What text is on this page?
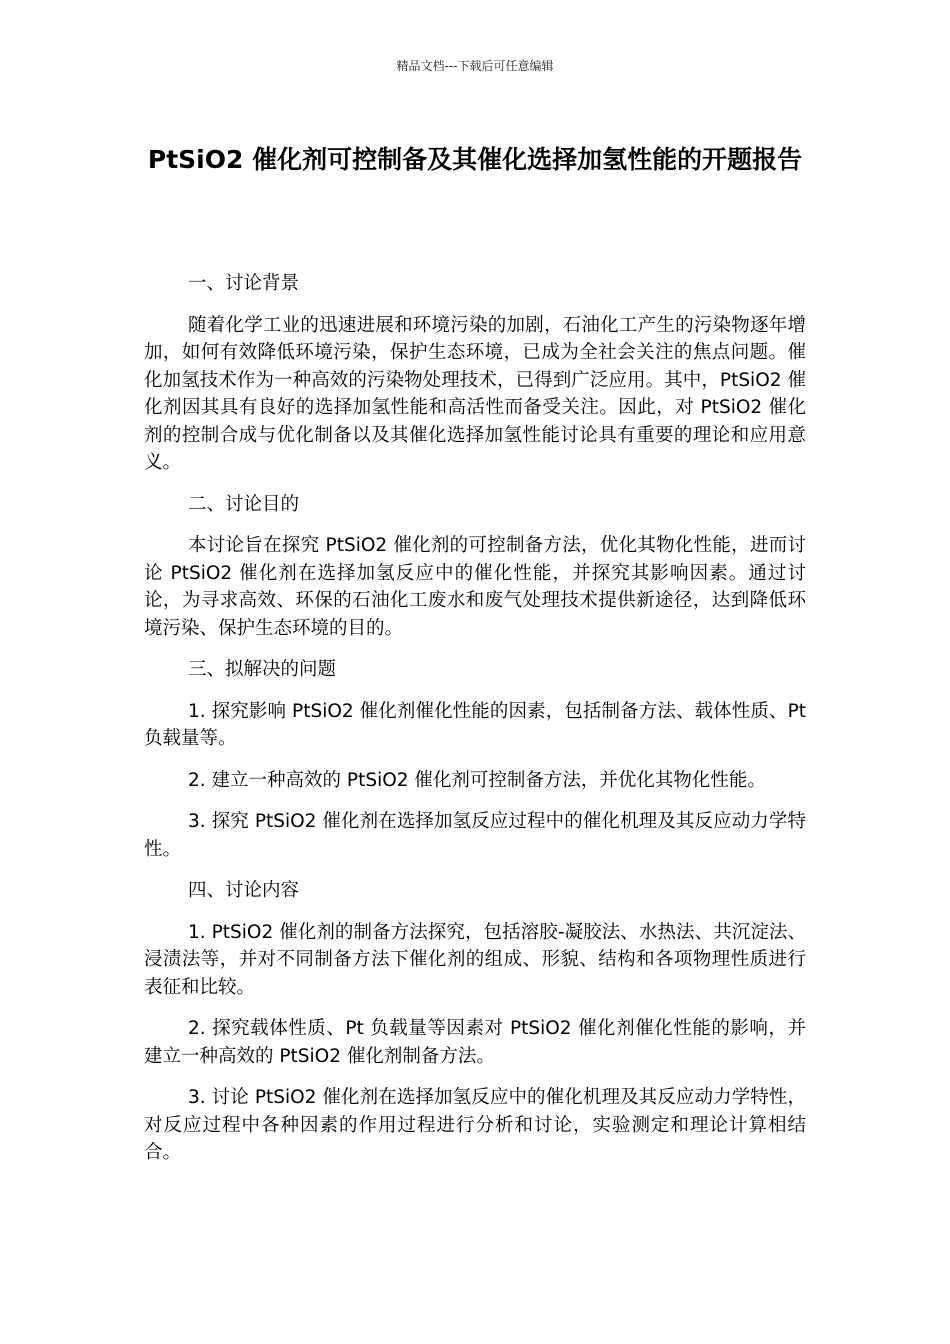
精品文档---下载后可任意编辑
PtSiO2 催化剂可控制备及其催化选择加氢性能的开题报告

一、讨论背景

随着化学工业的迅速进展和环境污染的加剧，石油化工产生的污染物逐年增加，如何有效降低环境污染，保护生态环境，已成为全社会关注的焦点问题。催化加氢技术作为一种高效的污染物处理技术，已得到广泛应用。其中，PtSiO2 催化剂因其具有良好的选择加氢性能和高活性而备受关注。因此，对 PtSiO2 催化剂的控制合成与优化制备以及其催化选择加氢性能讨论具有重要的理论和应用意义。

二、讨论目的

本讨论旨在探究 PtSiO2 催化剂的可控制备方法，优化其物化性能，进而讨论 PtSiO2 催化剂在选择加氢反应中的催化性能，并探究其影响因素。通过讨论，为寻求高效、环保的石油化工废水和废气处理技术提供新途径，达到降低环境污染、保护生态环境的目的。

三、拟解决的问题

1. 探究影响 PtSiO2 催化剂催化性能的因素，包括制备方法、载体性质、Pt 负载量等。

2. 建立一种高效的 PtSiO2 催化剂可控制备方法，并优化其物化性能。

3. 探究 PtSiO2 催化剂在选择加氢反应过程中的催化机理及其反应动力学特性。

四、讨论内容

1. PtSiO2 催化剂的制备方法探究，包括溶胶-凝胶法、水热法、共沉淀法、浸渍法等，并对不同制备方法下催化剂的组成、形貌、结构和各项物理性质进行表征和比较。

2. 探究载体性质、Pt 负载量等因素对 PtSiO2 催化剂催化性能的影响，并建立一种高效的 PtSiO2 催化剂制备方法。

3. 讨论 PtSiO2 催化剂在选择加氢反应中的催化机理及其反应动力学特性，对反应过程中各种因素的作用过程进行分析和讨论，实验测定和理论计算相结合。
